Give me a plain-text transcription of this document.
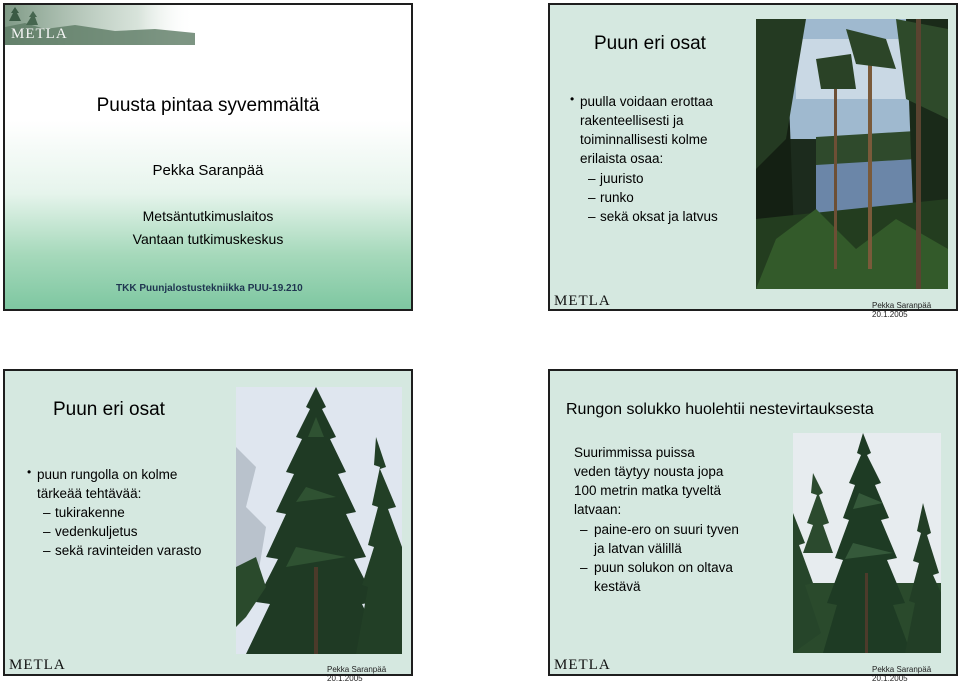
METLA
Puusta pintaa syvemmältä
Pekka Saranpää
Metsäntutkimuslaitos
Vantaan tutkimuskeskus
TKK Puunjalostustekniikka PUU-19.210
Puun eri osat
• puulla voidaan erottaa
rakenteellisesti ja
toiminnallisesti kolme
erilaista osaa:
– juuristo
– runko
– sekä oksat ja latvus
METLA	Pekka Saranpää 20.1.2005
Puun eri osat
• puun rungolla on kolme
tärkeää tehtävää:
– tukirakenne
– vedenkuljetus
– sekä ravinteiden varasto
METLA	Pekka Saranpää 20.1.2005
Rungon solukko huolehtii nestevirtauksesta
Suurimmissa puissa
veden täytyy nousta jopa
100 metrin matka tyveltä
latvaan:
– paine-ero on suuri tyven
ja latvan välillä
– puun solukon on oltava
kestävä
METLA	Pekka Saranpää 20.1.2005
